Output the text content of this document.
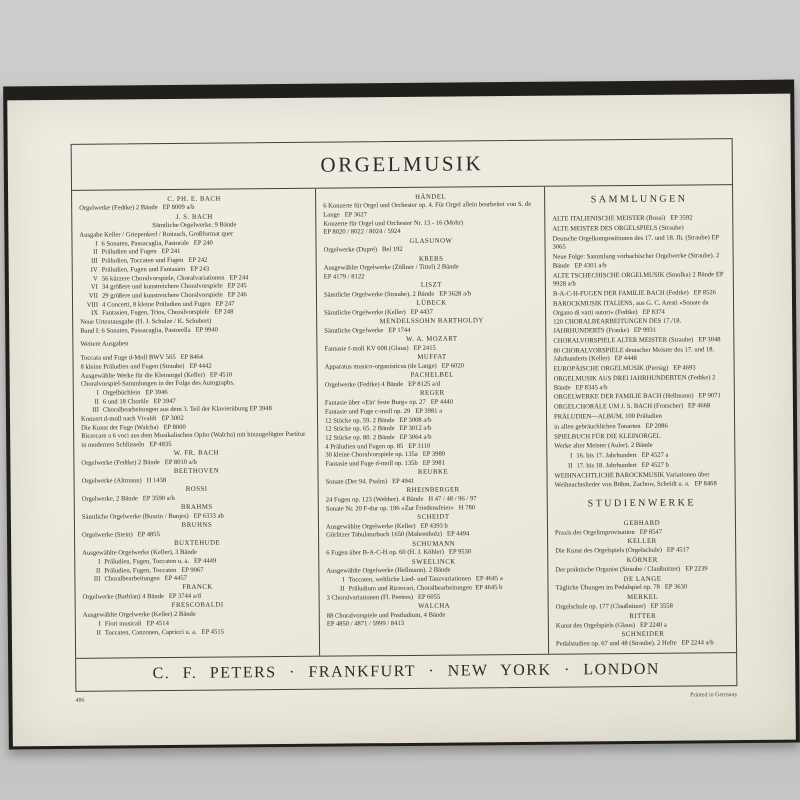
ORGELMUSIK
C. PH. E. BACH
Orgelwerke (Fedtke) 2 Bände   EP 8009 a/b
J. S. BACH
Sämtliche Orgelwerke. 9 Bände
Ausgabe Keller / Griepenkerl / Roitzsch, Großformat quer
I 6 Sonaten, Passacaglia, Pastorale   EP 240
II Präludien und Fugen   EP 241
III Präludien, Toccaten und Fugen   EP 242
IV Präludien, Fugen und Fantasien   EP 243
V 56 kürzere Choralvorspiele, Choralvariationen   EP 244
VI 34 größere und kunstreichere Choralvorspiele   EP 245
VII 29 größere und kunstreichere Choralvorspiele   EP 246
VIII 4 Concerti, 8 kleine Präludien und Fugen   EP 247
IX Fantasien, Fugen, Trios, Choralvorspiele   EP 248
Neue Urtextausgabe (H. J. Schulze / K. Schubert)
Band I: 6 Sonaten, Passacaglia, Pastorella   EP 9940
Weitere Ausgaben
Toccata und Fuge d-Moll BWV 565   EP 8464
8 kleine Präludien und Fugen (Straube)   EP 4442
Ausgewählte Werke für die Kleinorgel (Keller)   EP 4510
Choralvorspiel-Sammlungen in der Folge des Autographs.
I Orgelbüchlein   EP 3946
II 6 und 18 Choräle   EP 3947
III Choralbearbeitungen aus dem 3. Teil der Klavierübung EP 3948
Konzert d-moll nach Vivaldi   EP 3002
Die Kunst der Fuge (Walcha)   EP 8000
Ricercare a 6 voci aus dem Musikalischen Opfer (Walcha) mit hinzugefügter Partitur in modernen Schlüsseln   EP 4835
W. FR. BACH
Orgelwerke (Fedtke) 2 Bände   EP 8010 a/b
BEETHOVEN
Orgelwerke (Altmann)   H 1438
BOSSI
Orgelwerke, 2 Bände   EP 3590 a/b
BRAHMS
Sämtliche Orgelwerke (Buszin / Bunjes)   EP 6333 ab
BRUHNS
Orgelwerke (Stein)   EP 4855
BUXTEHUDE
Ausgewählte Orgelwerke (Keller), 3 Bände
I Präludien, Fugen, Toccaten u. a.   EP 4449
II Präludien, Fugen, Toccaten   EP 9067
III Choralbearbeitungen   EP 4457
FRANCK
Orgelwerke (Barblan) 4 Bände   EP 3744 a/d
FRESCOBALDI
Ausgewählte Orgelwerke (Keller) 2 Bände
I Fiori musicali   EP 4514
II Toccaten, Canzonen, Capricci u. a.   EP 4515
HÄNDEL
6 Konzerte für Orgel und Orchester op. 4. Für Orgel allein bearbeitet von S. de Lange   EP 3627
Konzerte für Orgel und Orchester Nr. 13 - 16 (Mohr)
EP 8020 / 8022 / 8024 / 5924
GLASUNOW
Orgelwerke (Dupré)   Bel 192
KREBS
Ausgewählte Orgelwerke (Zöllner / Tittel) 2 Bände
EP 4179 / 8122
LISZT
Sämtliche Orgelwerke (Straube). 2 Bände   EP 3628 a/b
LÜBECK
Sämtliche Orgelwerke (Keller)   EP 4437
MENDELSSOHN BARTHOLDY
Sämtliche Orgelwerke   EP 1744
W. A. MOZART
Fantasie f-moll KV 608 (Glaus)   EP 2415
MUFFAT
Apparatus musico-organisticus (de Lange)   EP 6020
PACHELBEL
Orgelwerke (Fedtke) 4 Bände   EP 8125 a/d
REGER
Fantasie über »Ein' feste Burg« op. 27   EP 4440
Fantasie und Fuge c-moll op. 29   EP 3981 a
12 Stücke op. 59. 2 Bände   EP 3008 a/b
12 Stücke op. 65. 2 Bände   EP 3012 a/b
12 Stücke op. 80. 2 Bände   EP 3064 a/b
4 Präludien und Fugen op. 85   EP 3110
30 kleine Choralvorspiele op. 135a   EP 3980
Fantasie und Fuge d-moll op. 135b   EP 3981
REUBKE
Sonate (Der 94. Psalm)   EP 4941
RHEINBERGER
24 Fugen op. 123 (Webber). 4 Bände   H 47 / 48 / 96 / 97
Sonate Nr. 20 F-dur op. 196 »Zur Friedensfeier«   H 780
SCHEIDT
Ausgewählte Orgelwerke (Keller)   EP 4393 b
Görlitzer Tabulaturbuch 1650 (Mahrenholz)   EP 4494
SCHUMANN
6 Fugen über B-A-C-H op. 60 (H. J. Köhler)   EP 9530
SWEELINCK
Ausgewählte Orgelwerke (Hellmann). 2 Bände
I Toccaten, weltliche Lied- und Tanzvariationen   EP 4645 a
II Präludium und Ricercari, Choralbearbeitungen  EP 4645 b
3 Choralvariationen (Fl. Peeters)   EP 6055
WALCHA
88 Choralvorspiele und Postludium, 4 Bände
EP 4850 / 4871 / 5999 / 8413
SAMMLUNGEN
ALTE ITALIENISCHE MEISTER (Bossi)   EP 3592
ALTE MEISTER DES ORGELSPIELS (Straube)
Deutsche Orgelkompositionen des 17. und 18. Jh. (Straube) EP 3065
Neue Folge: Sammlung vorbachischer Orgelwerke (Straube). 2 Bände   EP 4301 a/b
ALTE TSCHECHISCHE ORGELMUSIK (Smolka) 2 Bände EP 9928 a/b
B-A-C-H-FUGEN DER FAMILIE BACH (Fedtke)   EP 8526
BAROCKMUSIK ITALIENS, aus G. C. Aresti »Sonate da Organo di varii autori« (Fedtke)   EP 8374
120 CHORALBEARBEITUNGEN DES 17./18. JAHRHUNDERTS (Franke)   EP 9931
CHORALVORSPIELE ALTER MEISTER (Straube)   EP 3048
80 CHORALVORSPIELE deutscher Meister des 17. und 18. Jahrhunderts (Keller)   EP 4448
EUROPÄISCHE ORGELMUSIK (Piersig)   EP 4693
ORGELMUSIK AUS DREI JAHRHUNDERTEN (Fedtke) 2 Bände   EP 8345 a/b
ORGELWERKE DER FAMILIE BACH (Hellmann)   EP 9071
ORGELCHORÄLE UM J. S. BACH (Frotscher)   EP 4668
PRÄLUDIEN—ALBUM, 100 Präludien
in allen gebräuchlichen Tonarten   EP 2086
SPIELBUCH FÜR DIE KLEINORGEL
Werke alter Meister (Auler). 2 Bände
I 16. bis 17. Jahrhundert   EP 4527 a
II 17. bis 18. Jahrhundert   EP 4527 b
WEIHNACHTLICHE BAROCKMUSIK Variationen über Weihnachtslieder von Böhm, Zachow, Scheidt u. a.   EP 8468
STUDIENWERKE
GEBHARD
Praxis der Orgelimprovisation   EP 8547
KELLER
Die Kunst des Orgelspiels (Orgelschule)   EP 4517
KÖRNER
Der praktische Organist (Straube / Claußnitzer)   EP 2239
DE LANGE
Tägliche Übungen im Pedalspiel op. 78   EP 3630
MERKEL
Orgelschule op. 177 (Claußnitzer)   EP 3558
RITTER
Kunst des Orgelspiels (Glaus)   EP 2240 a
SCHNEIDER
Pedalstudien op. 67 und 48 (Straube). 2 Hefte   EP 2244 a/b
C. F. PETERS · FRANKFURT · NEW YORK · LONDON
486
Printed in Germany
